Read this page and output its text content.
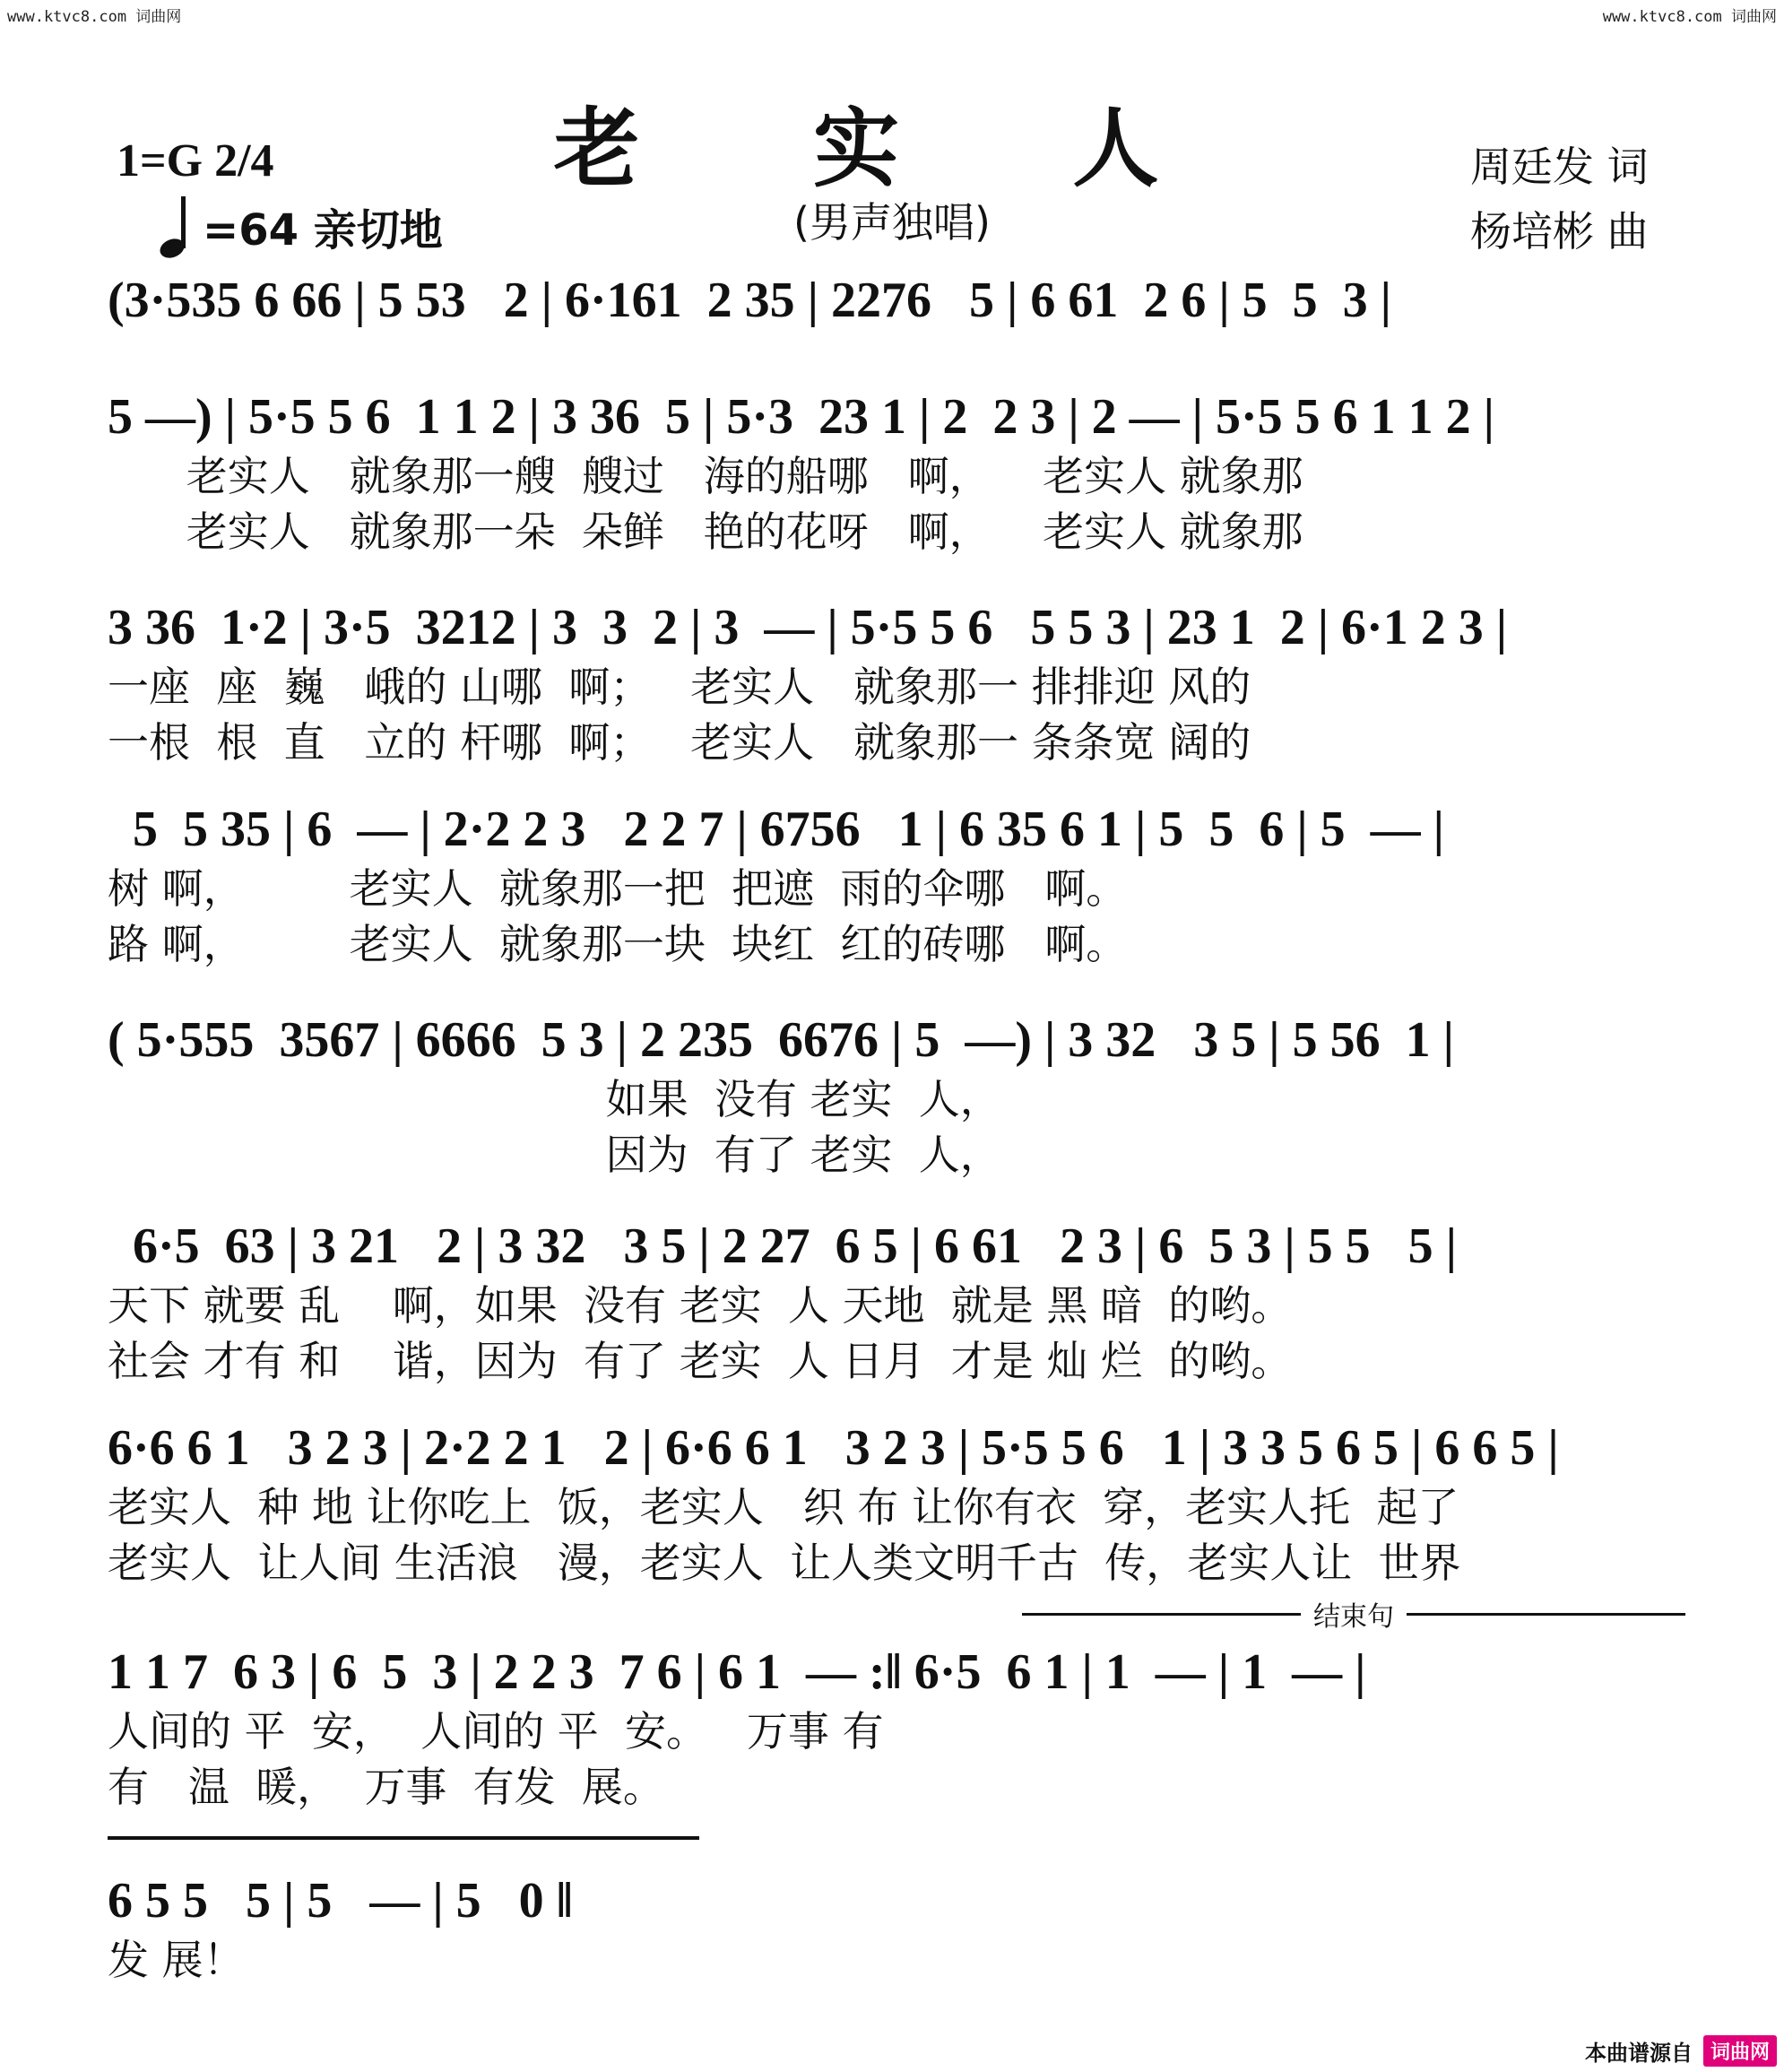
www.ktvc8.com 词曲网	www.ktvc8.com 词曲网
老 实 人
(男声独唱)
1=G 2/4
=64 亲切地
周廷发 词
杨培彬 曲
(3·535 6 66 | 5 53   2 | 6·161  2 35 | 2276   5 | 6 61  2 6 | 5  5  3 |
5 —) | 5·5 5 6  1 1 2 | 3 36  5 | 5·3  23 1 | 2  2 3 | 2 — | 5·5 5 6 1 1 2 |
老实人   就象那一艘  艘过   海的船哪   啊，    老实人 就象那
老实人   就象那一朵  朵鲜   艳的花呀   啊，    老实人 就象那
3 36  1·2 | 3·5  3212 | 3  3  2 | 3  — | 5·5 5 6   5 5 3 | 23 1  2 | 6·1 2 3 |
一座  座  巍   峨的 山哪  啊；   老实人   就象那一 排排迎 风的
一根  根  直   立的 杆哪  啊；   老实人   就象那一 条条宽 阔的
5  5 35 | 6  — | 2·2 2 3   2 2 7 | 6756   1 | 6 35 6 1 | 5  5  6 | 5  — |
树 啊，        老实人  就象那一把  把遮  雨的伞哪   啊。
路 啊，        老实人  就象那一块  块红  红的砖哪   啊。
( 5·555  3567 | 6666  5 3 | 2 235  6676 | 5  —) | 3 32   3 5 | 5 56  1 |
如果  没有 老实  人，
因为  有了 老实  人，
6·5  63 | 3 21   2 | 3 32   3 5 | 2 27  6 5 | 6 61   2 3 | 6  5 3 | 5 5   5 |
天下 就要 乱    啊，如果  没有 老实  人 天地  就是 黑 暗  的哟。
社会 才有 和    谐，因为  有了 老实  人 日月  才是 灿 烂  的哟。
6·6 6 1   3 2 3 | 2·2 2 1   2 | 6·6 6 1   3 2 3 | 5·5 5 6   1 | 3 3 5 6 5 | 6 6 5 |
老实人  种 地 让你吃上  饭，老实人   织 布 让你有衣  穿，老实人托  起了
老实人  让人间 生活浪   漫，老实人  让人类文明千古  传，老实人让  世界
结束句
1 1 7  6 3 | 6  5  3 | 2 2 3  7 6 | 6 1  — :‖ 6·5  6 1 | 1  — | 1  — |
人间的 平  安，  人间的 平  安。   万事 有
有   温  暖，  万事  有发  展。
6 5 5   5 | 5   — | 5   0 ‖
发 展！
本曲谱源自 词曲网
